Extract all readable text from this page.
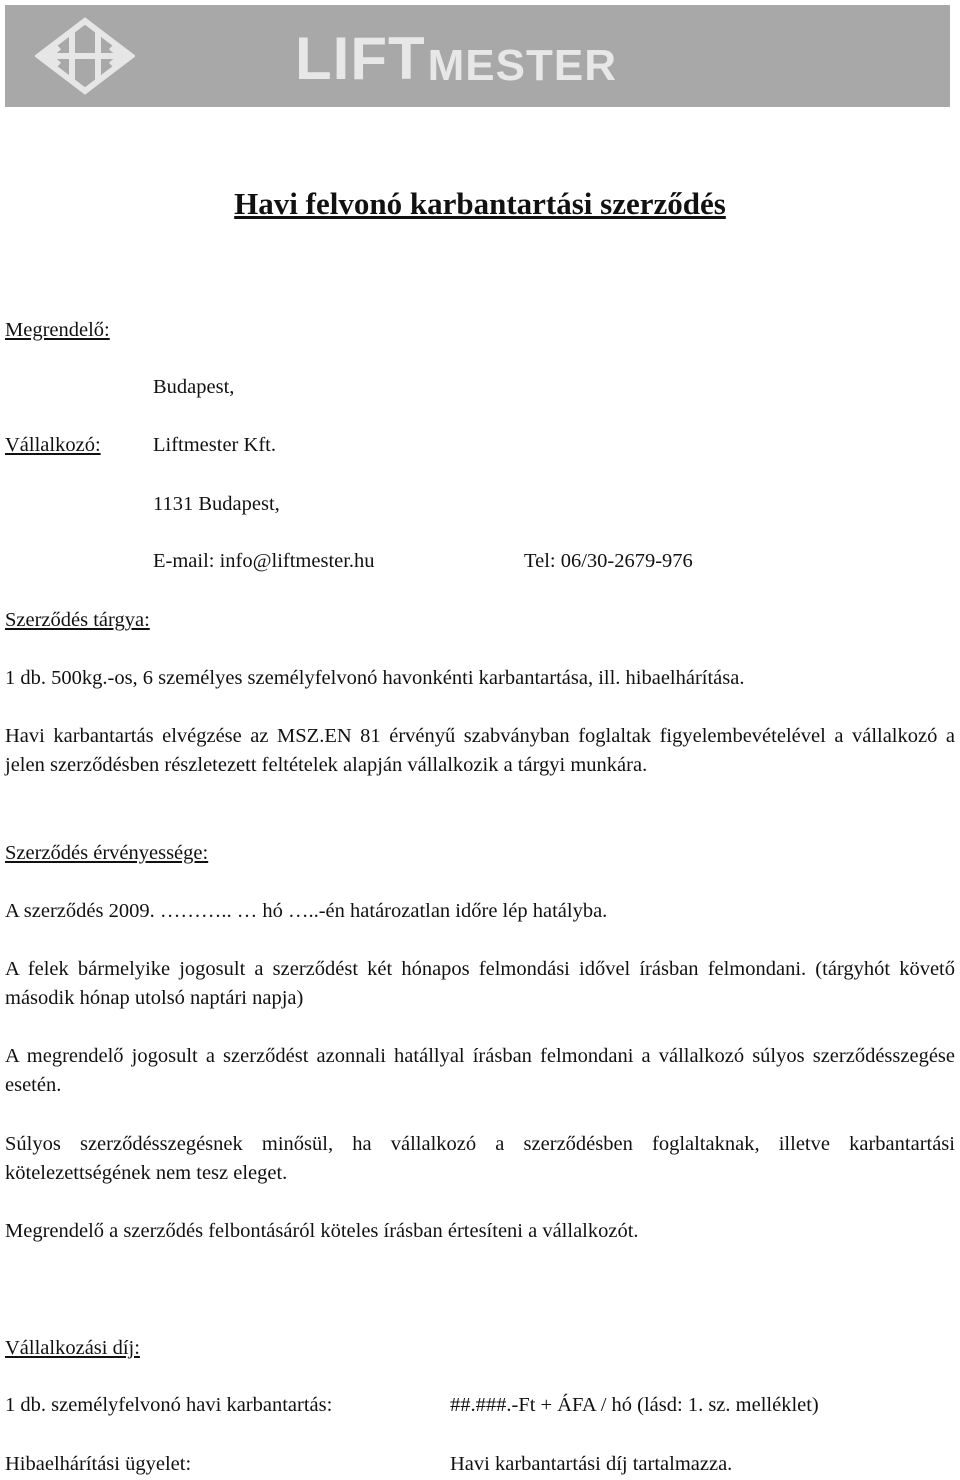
LIFT MESTER
Havi felvonó karbantartási szerződés
Megrendelő:
Budapest,
Vállalkozó:	Liftmester Kft.
1131 Budapest,
E-mail: info@liftmester.hu	Tel: 06/30-2679-976
Szerződés tárgya:
1 db. 500kg.-os, 6 személyes személyfelvonó havonkénti karbantartása, ill. hibaelhárítása.

Havi karbantartás elvégzése az MSZ.EN 81 érvényű szabványban foglaltak figyelembevételével a vállalkozó a jelen szerződésben részletezett feltételek alapján vállalkozik a tárgyi munkára.

Szerződés érvényessége:
A szerződés 2009. ……….. … hó …..-én határozatlan időre lép hatályba.

A felek bármelyike jogosult a szerződést két hónapos felmondási idővel írásban felmondani. (tárgyhót követő második hónap utolsó naptári napja)

A megrendelő jogosult a szerződést azonnali hatállyal írásban felmondani a vállalkozó súlyos szerződésszegése esetén.

Súlyos szerződésszegésnek minősül, ha vállalkozó a szerződésben foglaltaknak, illetve karbantartási kötelezettségének nem tesz eleget.

Megrendelő a szerződés felbontásáról köteles írásban értesíteni a vállalkozót.

Vállalkozási díj:
1 db. személyfelvonó havi karbantartás:	##.###.-Ft + ÁFA / hó (lásd: 1. sz. melléklet)
Hibaelhárítási ügyelet:	Havi karbantartási díj tartalmazza.
